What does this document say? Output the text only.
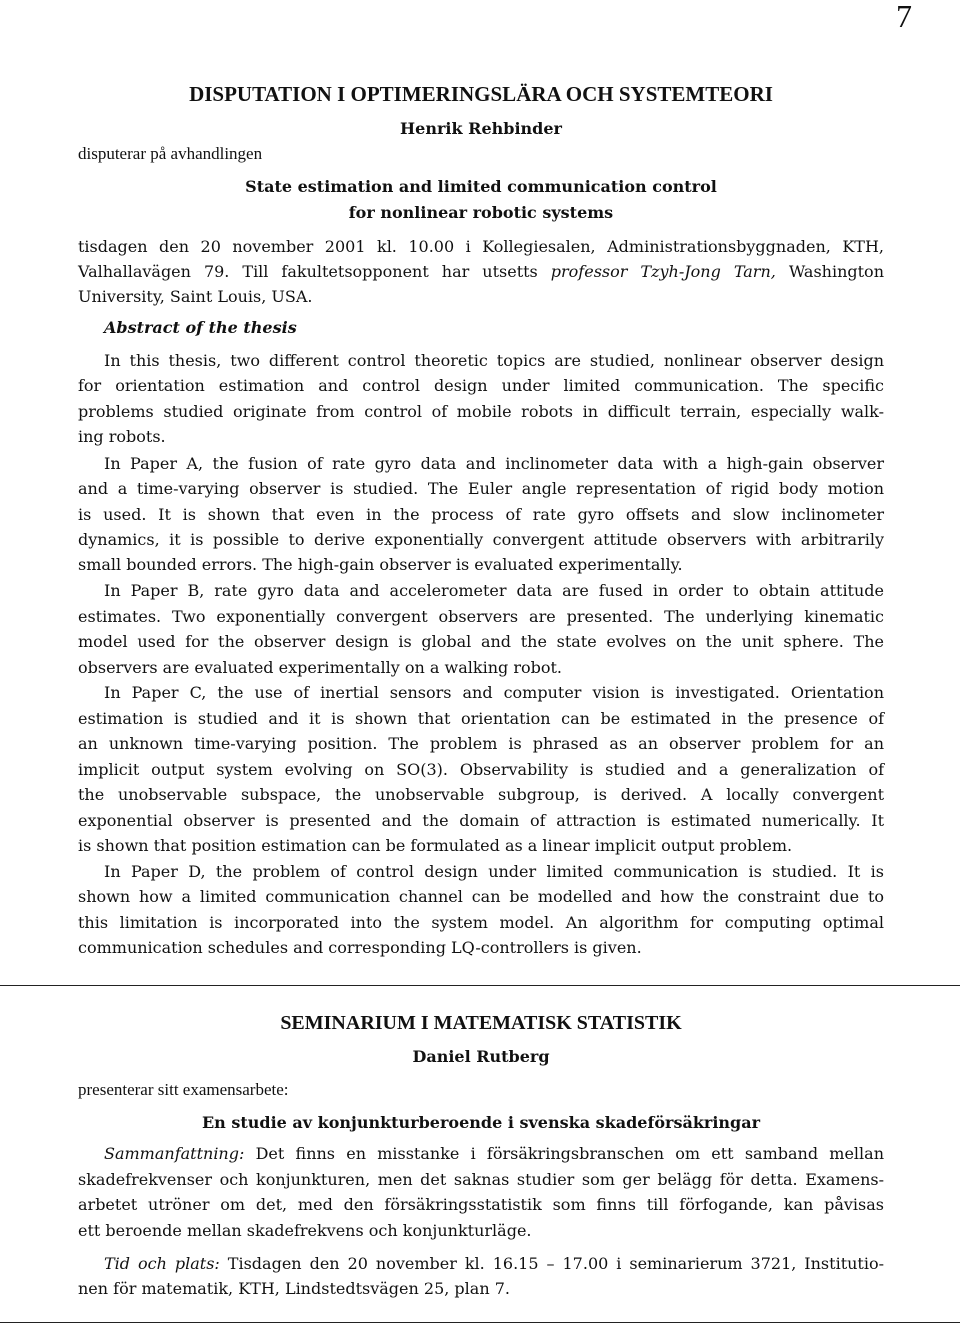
7
DISPUTATION I OPTIMERINGSLÄRA OCH SYSTEMTEORI
Henrik Rehbinder
disputerar på avhandlingen
State estimation and limited communication control
for nonlinear robotic systems
tisdagen den 20 november 2001 kl. 10.00 i Kollegiesalen, Administrationsbyggnaden, KTH,
Valhallavägen 79. Till fakultetsopponent har utsetts professor Tzyh-Jong Tarn, Washington
University, Saint Louis, USA.
Abstract of the thesis
In this thesis, two different control theoretic topics are studied, nonlinear observer design
for orientation estimation and control design under limited communication. The specific
problems studied originate from control of mobile robots in difficult terrain, especially walk-
ing robots.
In Paper A, the fusion of rate gyro data and inclinometer data with a high-gain observer
and a time-varying observer is studied. The Euler angle representation of rigid body motion
is used. It is shown that even in the process of rate gyro offsets and slow inclinometer
dynamics, it is possible to derive exponentially convergent attitude observers with arbitrarily
small bounded errors. The high-gain observer is evaluated experimentally.
In Paper B, rate gyro data and accelerometer data are fused in order to obtain attitude
estimates. Two exponentially convergent observers are presented. The underlying kinematic
model used for the observer design is global and the state evolves on the unit sphere. The
observers are evaluated experimentally on a walking robot.
In Paper C, the use of inertial sensors and computer vision is investigated. Orientation
estimation is studied and it is shown that orientation can be estimated in the presence of
an unknown time-varying position. The problem is phrased as an observer problem for an
implicit output system evolving on SO(3). Observability is studied and a generalization of
the unobservable subspace, the unobservable subgroup, is derived. A locally convergent
exponential observer is presented and the domain of attraction is estimated numerically. It
is shown that position estimation can be formulated as a linear implicit output problem.
In Paper D, the problem of control design under limited communication is studied. It is
shown how a limited communication channel can be modelled and how the constraint due to
this limitation is incorporated into the system model. An algorithm for computing optimal
communication schedules and corresponding LQ-controllers is given.
SEMINARIUM I MATEMATISK STATISTIK
Daniel Rutberg
presenterar sitt examensarbete:
En studie av konjunkturberoende i svenska skadeförsäkringar
Sammanfattning: Det finns en misstanke i försäkringsbranschen om ett samband mellan
skadefrekvenser och konjunkturen, men det saknas studier som ger belägg för detta. Examens-
arbetet utröner om det, med den försäkringsstatistik som finns till förfogande, kan påvisas
ett beroende mellan skadefrekvens och konjunkturläge.
Tid och plats: Tisdagen den 20 november kl. 16.15 – 17.00 i seminarierum 3721, Institutio-
nen för matematik, KTH, Lindstedtsvägen 25, plan 7.
